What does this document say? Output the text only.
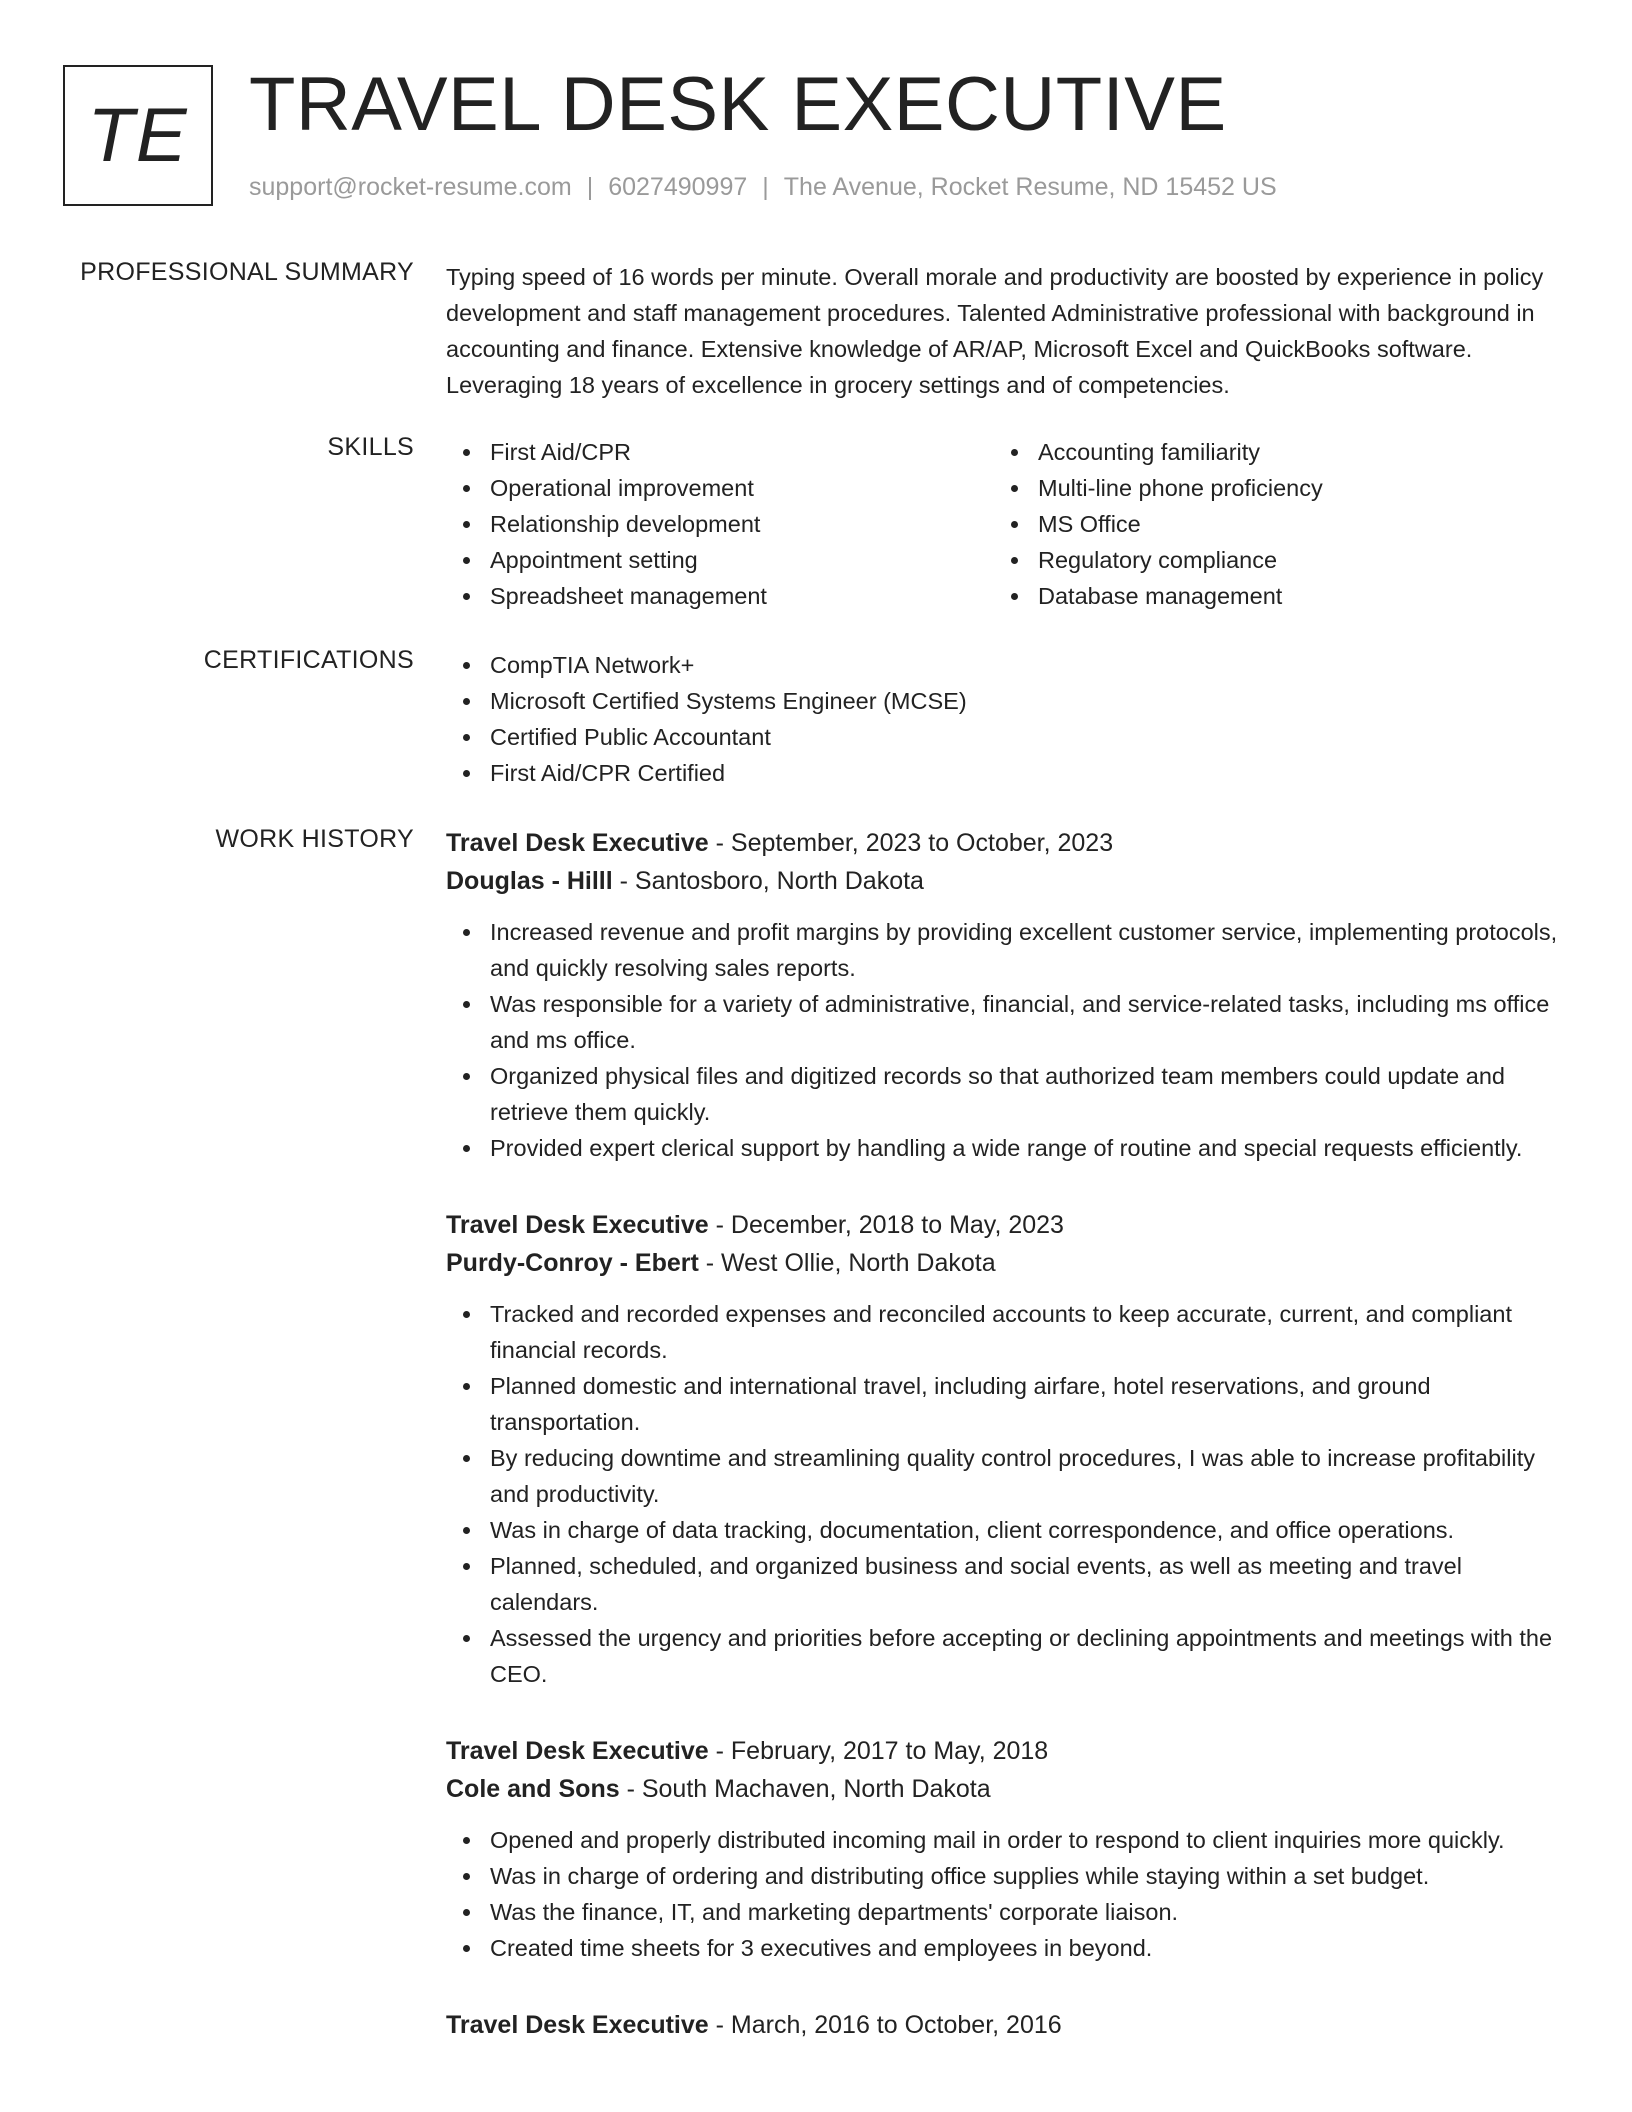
TE TRAVEL DESK EXECUTIVE
support@rocket-resume.com | 6027490997 | The Avenue, Rocket Resume, ND 15452 US
PROFESSIONAL SUMMARY Typing speed of 16 words per minute. Overall morale and productivity are boosted by experience in policy development and staff management procedures. Talented Administrative professional with background in accounting and finance. Extensive knowledge of AR/AP, Microsoft Excel and QuickBooks software. Leveraging 18 years of excellence in grocery settings and of competencies.
SKILLS	First Aid/CPR
Operational improvement
Relationship development
Appointment setting
Spreadsheet management
Accounting familiarity
Multi-line phone proficiency
MS Office
Regulatory compliance
Database management
CERTIFICATIONS	CompTIA Network+
Microsoft Certified Systems Engineer (MCSE)
Certified Public Accountant
First Aid/CPR Certified
WORK HISTORY Travel Desk Executive - September, 2023 to October, 2023
Douglas - Hilll - Santosboro, North Dakota
Increased revenue and profit margins by providing excellent customer service, implementing protocols, and quickly resolving sales reports.
Was responsible for a variety of administrative, financial, and service-related tasks, including ms office and ms office.
Organized physical files and digitized records so that authorized team members could update and retrieve them quickly.
Provided expert clerical support by handling a wide range of routine and special requests efficiently.
Travel Desk Executive - December, 2018 to May, 2023
Purdy-Conroy - Ebert - West Ollie, North Dakota
Tracked and recorded expenses and reconciled accounts to keep accurate, current, and compliant financial records.
Planned domestic and international travel, including airfare, hotel reservations, and ground transportation.
By reducing downtime and streamlining quality control procedures, I was able to increase profitability and productivity.
Was in charge of data tracking, documentation, client correspondence, and office operations.
Planned, scheduled, and organized business and social events, as well as meeting and travel calendars.
Assessed the urgency and priorities before accepting or declining appointments and meetings with the CEO.
Travel Desk Executive - February, 2017 to May, 2018
Cole and Sons - South Machaven, North Dakota
Opened and properly distributed incoming mail in order to respond to client inquiries more quickly.
Was in charge of ordering and distributing office supplies while staying within a set budget.
Was the finance, IT, and marketing departments' corporate liaison.
Created time sheets for 3 executives and employees in beyond.
Travel Desk Executive - March, 2016 to October, 2016
